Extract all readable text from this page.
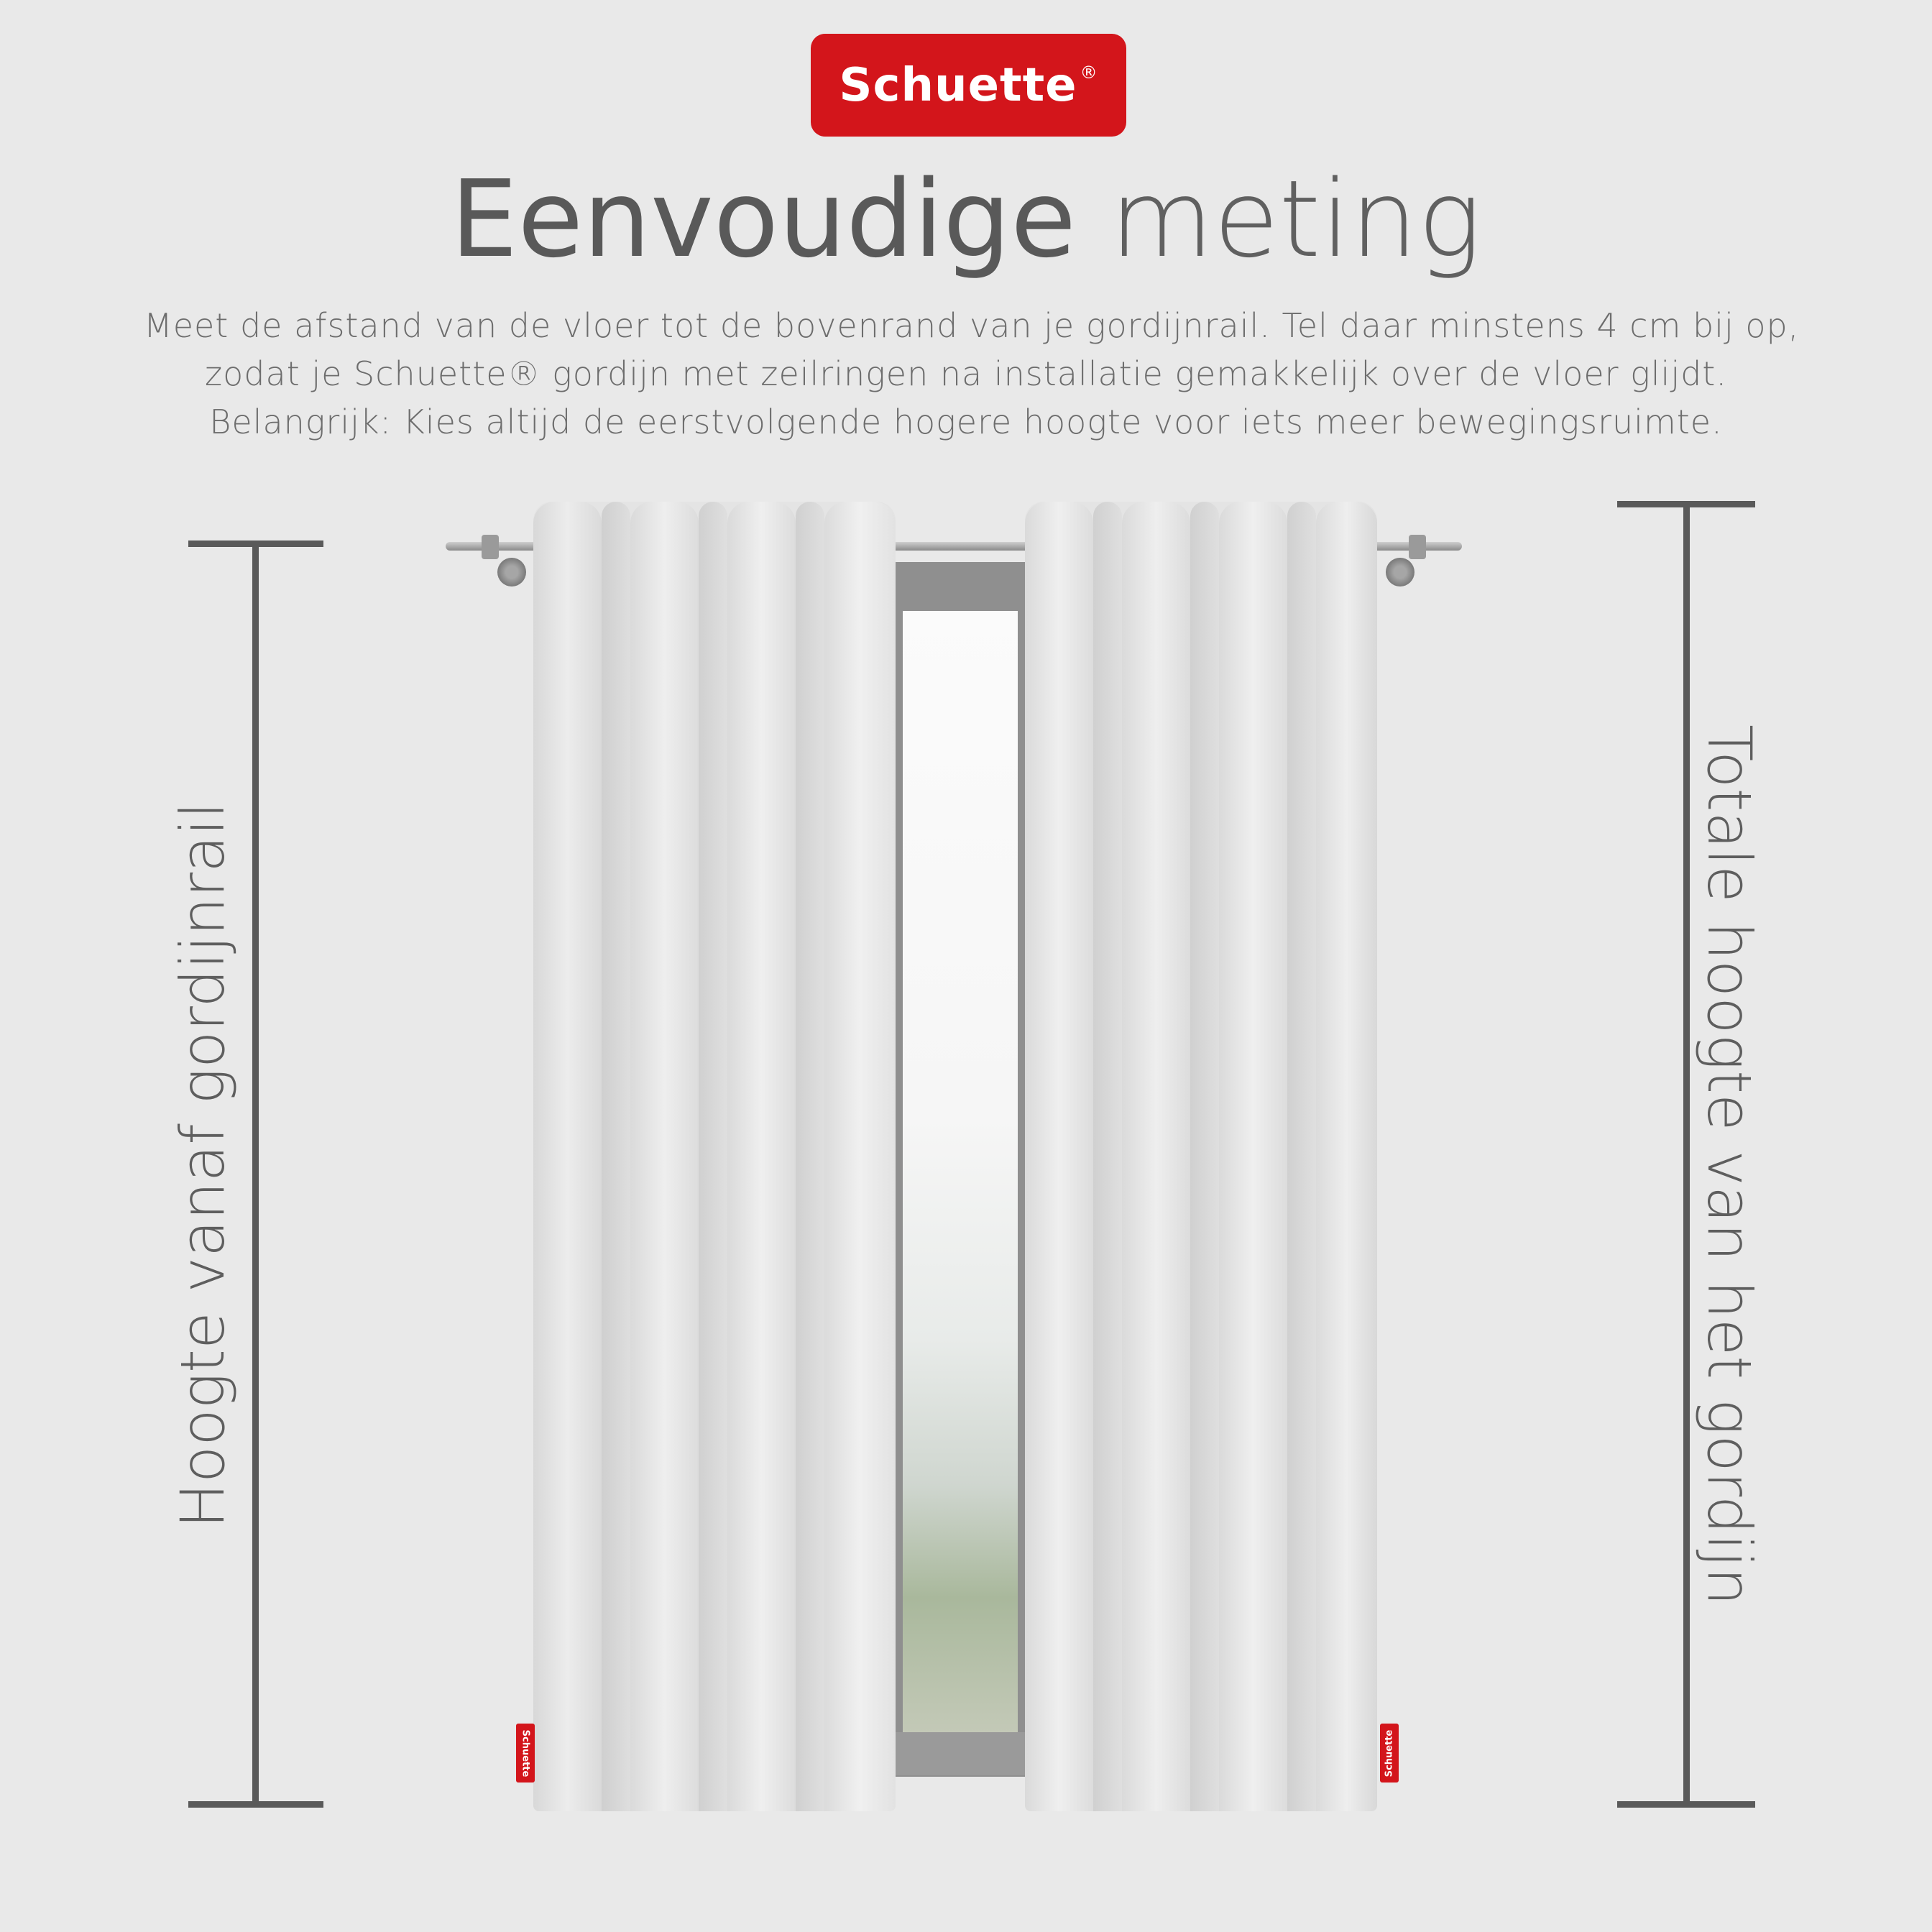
Schuette®
Eenvoudige meting
Meet de afstand van de vloer tot de bovenrand van je gordijnrail. Tel daar minstens 4 cm bij op,
zodat je Schuette® gordijn met zeilringen na installatie gemakkelijk over de vloer glijdt.
Belangrijk: Kies altijd de eerstvolgende hogere hoogte voor iets meer bewegingsruimte.
Hoogte vanaf gordijnrail	Totale hoogte van het gordijn
Schuette	Schuette
